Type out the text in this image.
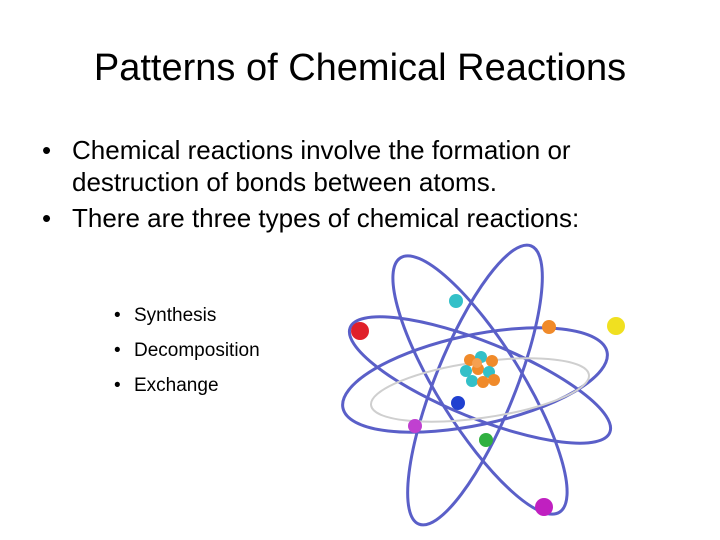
Patterns of Chemical Reactions
• Chemical reactions involve the formation or destruction of bonds between atoms.
• There are three types of chemical reactions:
• Synthesis
• Decomposition
• Exchange
